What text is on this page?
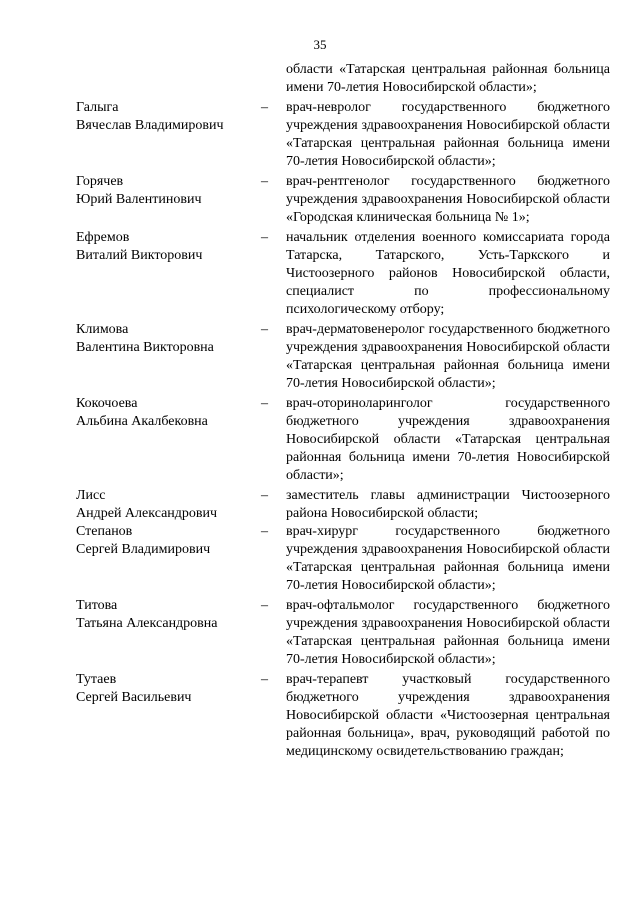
35
области «Татарская центральная районная больница имени 70-летия Новосибирской области»;
Галыга
Вячеслав Владимирович
– врач-невролог государственного бюджетного учреждения здравоохранения Новосибирской области «Татарская центральная районная больница имени 70-летия Новосибирской области»;
Горячев
Юрий Валентинович
– врач-рентгенолог государственного бюджетного учреждения здравоохранения Новосибирской области «Городская клиническая больница № 1»;
Ефремов
Виталий Викторович
– начальник отделения военного комиссариата города Татарска, Татарского, Усть-Таркского и Чистоозерного районов Новосибирской области, специалист по профессиональному психологическому отбору;
Климова
Валентина Викторовна
– врач-дерматовенеролог государственного бюджетного учреждения здравоохранения Новосибирской области «Татарская центральная районная больница имени 70-летия Новосибирской области»;
Кокочоева
Альбина Акалбековна
– врач-оториноларинголог государственного бюджетного учреждения здравоохранения Новосибирской области «Татарская центральная районная больница имени 70-летия Новосибирской области»;
Лисс
Андрей Александрович
– заместитель главы администрации Чистоозерного района Новосибирской области;
Степанов
Сергей Владимирович
– врач-хирург государственного бюджетного учреждения здравоохранения Новосибирской области «Татарская центральная районная больница имени 70-летия Новосибирской области»;
Титова
Татьяна Александровна
– врач-офтальмолог государственного бюджетного учреждения здравоохранения Новосибирской области «Татарская центральная районная больница имени 70-летия Новосибирской области»;
Тутаев
Сергей Васильевич
– врач-терапевт участковый государственного бюджетного учреждения здравоохранения Новосибирской области «Чистоозерная центральная районная больница», врач, руководящий работой по медицинскому освидетельствованию граждан;
